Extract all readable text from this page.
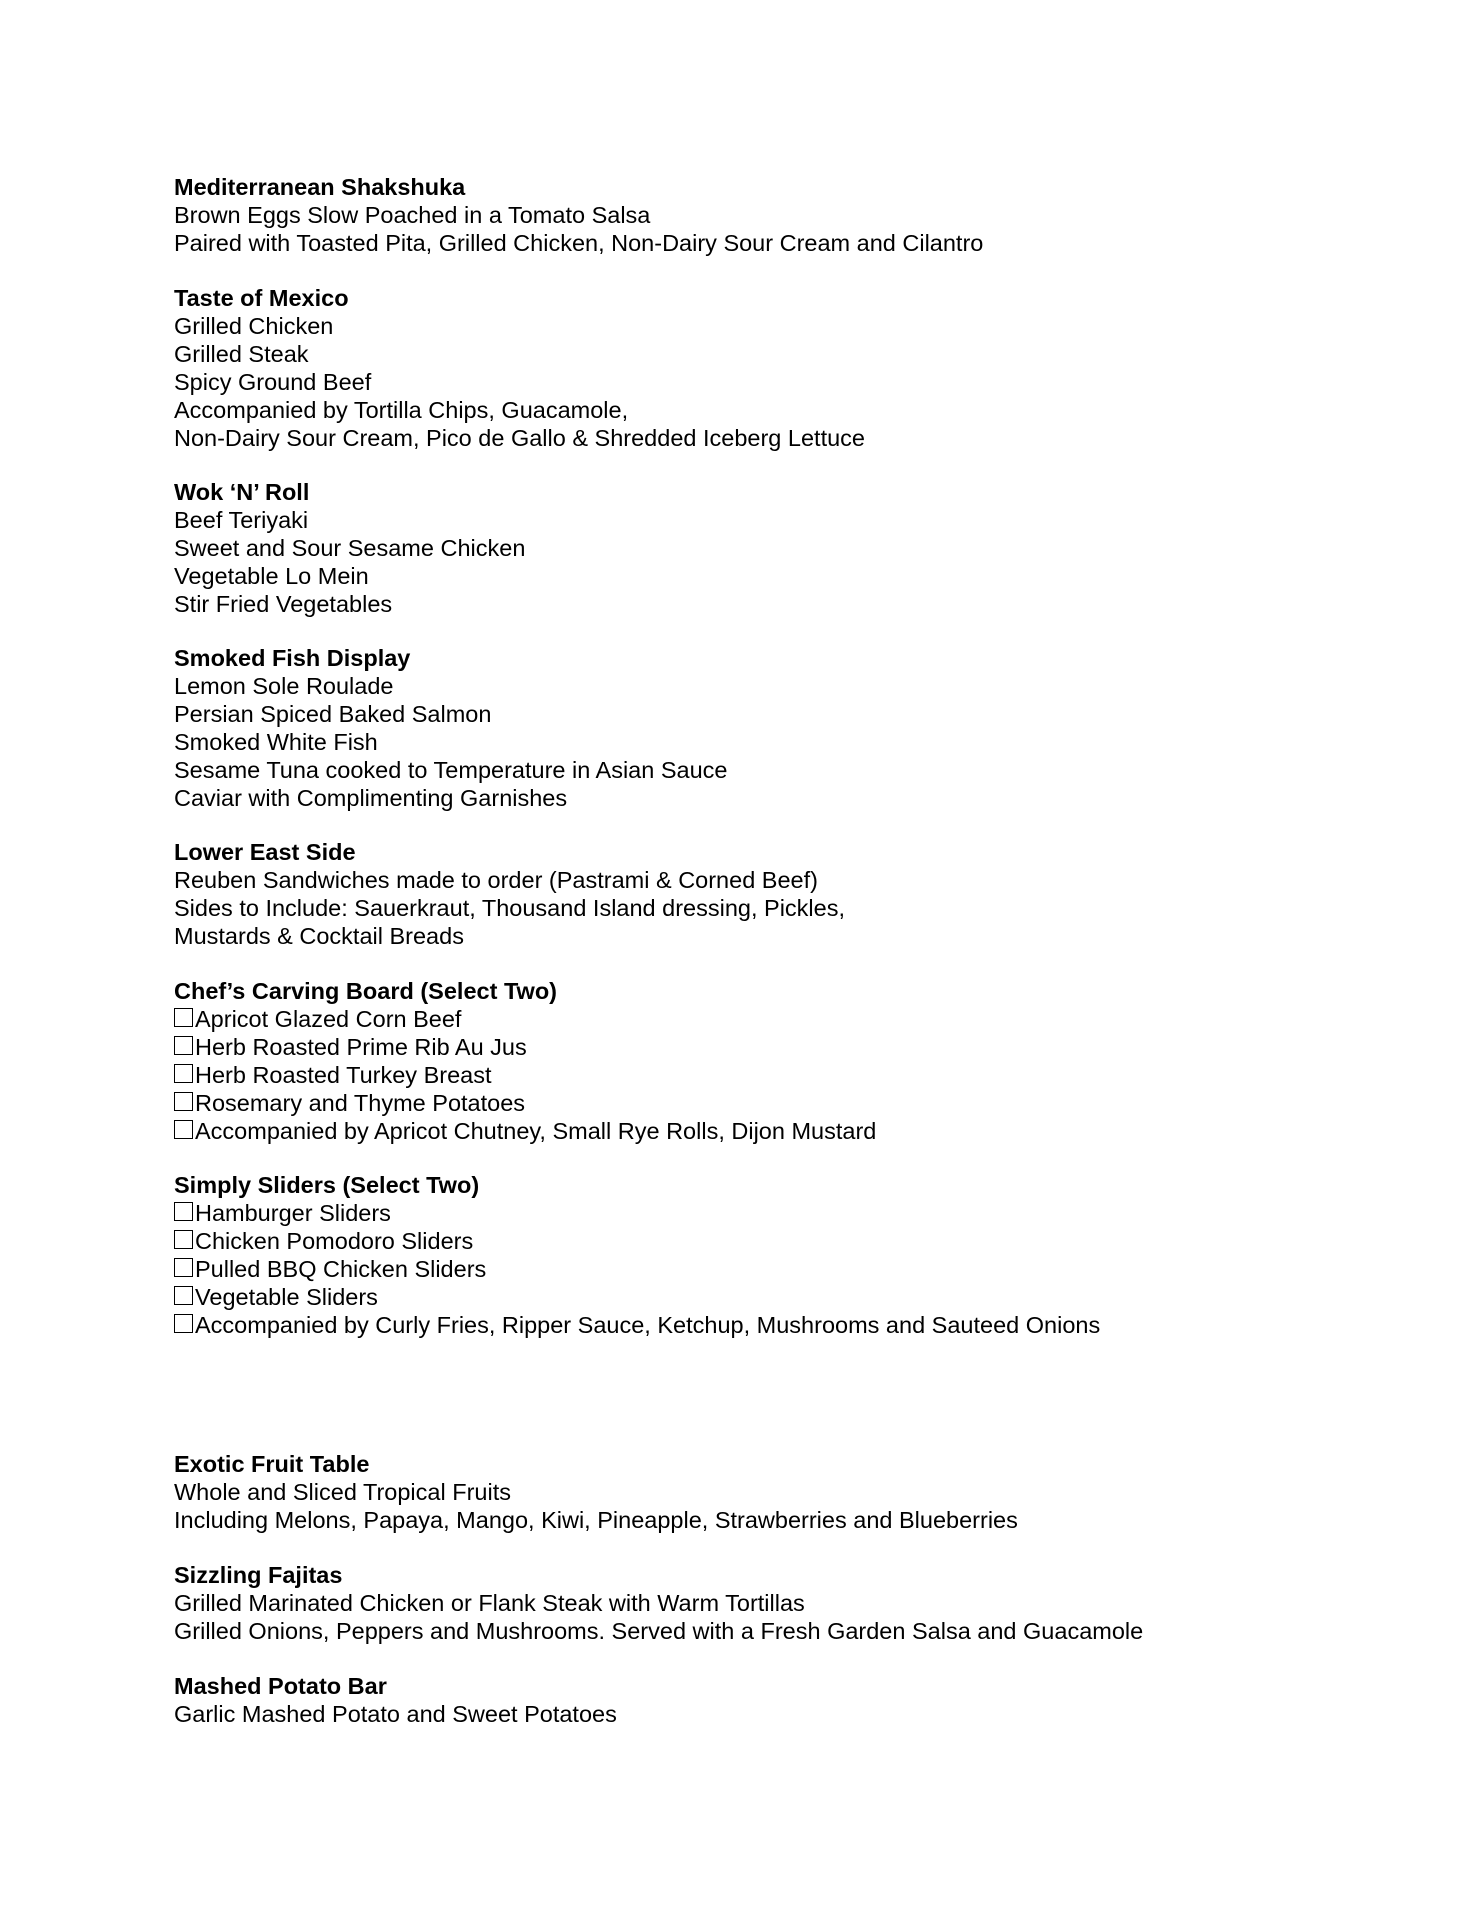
Mediterranean Shakshuka
Brown Eggs Slow Poached in a Tomato Salsa
Paired with Toasted Pita, Grilled Chicken, Non-Dairy Sour Cream and Cilantro
Taste of Mexico
Grilled Chicken
Grilled Steak
Spicy Ground Beef
Accompanied by Tortilla Chips, Guacamole,
Non-Dairy Sour Cream, Pico de Gallo & Shredded Iceberg Lettuce
Wok ‘N’ Roll
Beef Teriyaki
Sweet and Sour Sesame Chicken
Vegetable Lo Mein
Stir Fried Vegetables
Smoked Fish Display
Lemon Sole Roulade
Persian Spiced Baked Salmon
Smoked White Fish
Sesame Tuna cooked to Temperature in Asian Sauce
Caviar with Complimenting Garnishes
Lower East Side
Reuben Sandwiches made to order (Pastrami & Corned Beef)
Sides to Include: Sauerkraut, Thousand Island dressing, Pickles,
Mustards & Cocktail Breads
Chef’s Carving Board (Select Two)
Apricot Glazed Corn Beef
Herb Roasted Prime Rib Au Jus
Herb Roasted Turkey Breast
Rosemary and Thyme Potatoes
Accompanied by Apricot Chutney, Small Rye Rolls, Dijon Mustard
Simply Sliders (Select Two)
Hamburger Sliders
Chicken Pomodoro Sliders
Pulled BBQ Chicken Sliders
Vegetable Sliders
Accompanied by Curly Fries, Ripper Sauce, Ketchup, Mushrooms and Sauteed Onions
Exotic Fruit Table
Whole and Sliced Tropical Fruits
Including Melons, Papaya, Mango, Kiwi, Pineapple, Strawberries and Blueberries
Sizzling Fajitas
Grilled Marinated Chicken or Flank Steak with Warm Tortillas
Grilled Onions, Peppers and Mushrooms. Served with a Fresh Garden Salsa and Guacamole
Mashed Potato Bar
Garlic Mashed Potato and Sweet Potatoes
